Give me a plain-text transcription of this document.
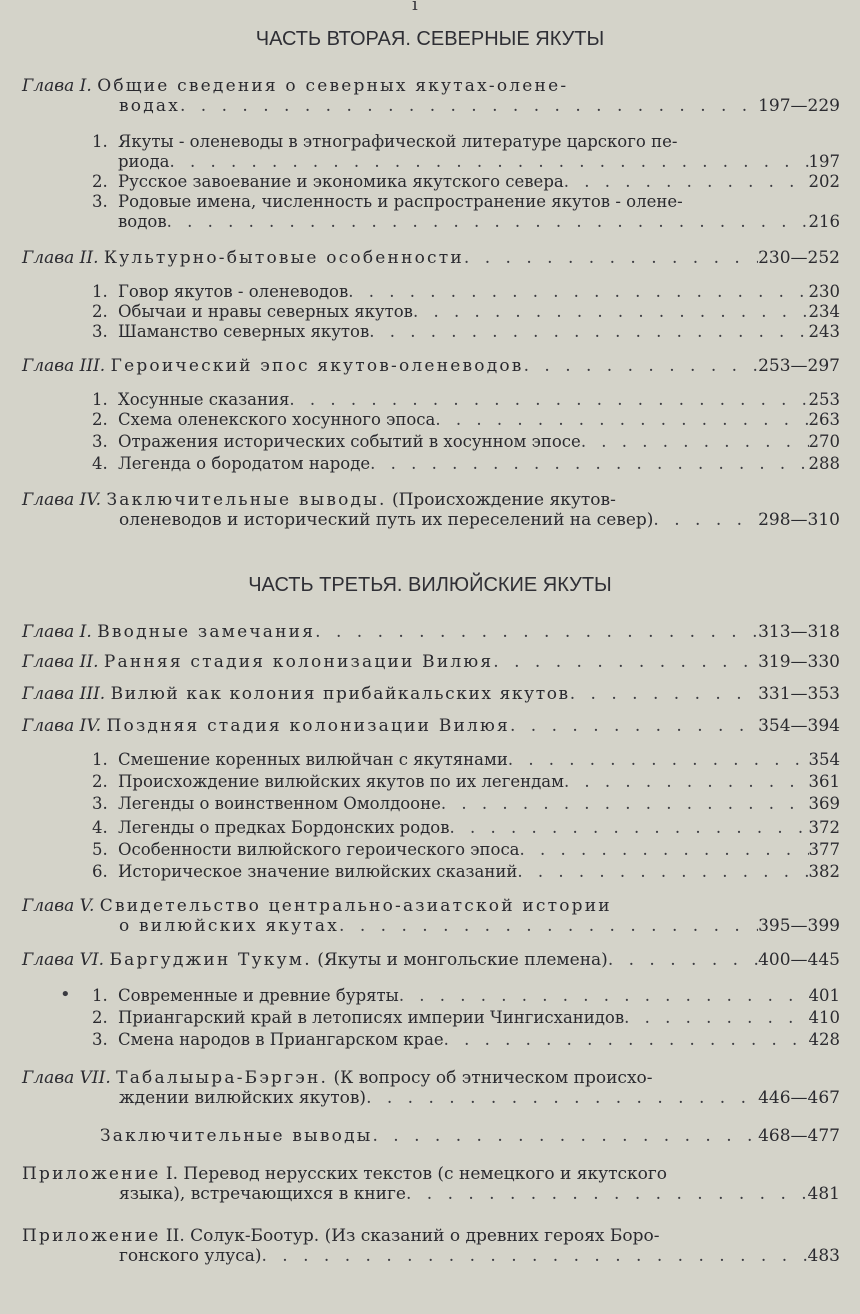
ı
ЧАСТЬ ВТОРАЯ. СЕВЕРНЫЕ ЯКУТЫ
Глава I. Общие сведения о северных якутах-олене-
водах . . .	197—229
1. Якуты - оленеводы в этнографической литературе царского пе-
риода . . .	197
2. Русское завоевание и экономика якутского севера . . .	202
3. Родовые имена, численность и распространение якутов - олене-
водов . . .	216
Глава II. Культурно-бытовые особенности . . .	230—252
1. Говор якутов - оленеводов . . .	230
2. Обычаи и нравы северных якутов . . .	234
3. Шаманство северных якутов . . .	243
Глава III. Героический эпос якутов-оленеводов . . .	253—297
1. Хосунные сказания . . .	253
2. Схема оленекского хосунного эпоса . . .	263
3. Отражения исторических событий в хосунном эпосе . . .	270
4. Легенда о бородатом народе . . .	288
Глава IV. Заключительные выводы. (Происхождение якутов-
оленеводов и исторический путь их переселений на север) . . .	298—310
ЧАСТЬ ТРЕТЬЯ. ВИЛЮЙСКИЕ ЯКУТЫ
Глава I. Вводные замечания . . .	313—318
Глава II. Ранняя стадия колонизации Вилюя . . .	319—330
Глава III. Вилюй как колония прибайкальских якутов . . .	331—353
Глава IV. Поздняя стадия колонизации Вилюя . . .	354—394
1. Смешение коренных вилюйчан с якутянами . . .	354
2. Происхождение вилюйских якутов по их легендам . . .	361
3. Легенды о воинственном Омолдооне . . .	369
4. Легенды о предках Бордонских родов . . .	372
5. Особенности вилюйского героического эпоса . . .	377
6. Историческое значение вилюйских сказаний . . .	382
Глава V. Свидетельство центрально-азиатской истории
о вилюйских якутах . . .	395—399
Глава VI. Баргуджин Тукум. (Якуты и монгольские племена) . . .	400—445
• 1. Современные и древние буряты . . .	401
2. Приангарский край в летописях империи Чингисханидов . . .	410
3. Смена народов в Приангарском крае . . .	428
Глава VII. Табалыыра-Бэргэн. (К вопросу об этническом происхо-
ждении вилюйских якутов) . . .	446—467
Заключительные выводы . . .	468—477
Приложение I. Перевод нерусских текстов (с немецкого и якутского
языка), встречающихся в книге . . .	481
Приложение II. Солук-Боотур. (Из сказаний о древних героях Боро-
гонского улуса) . . .	483
